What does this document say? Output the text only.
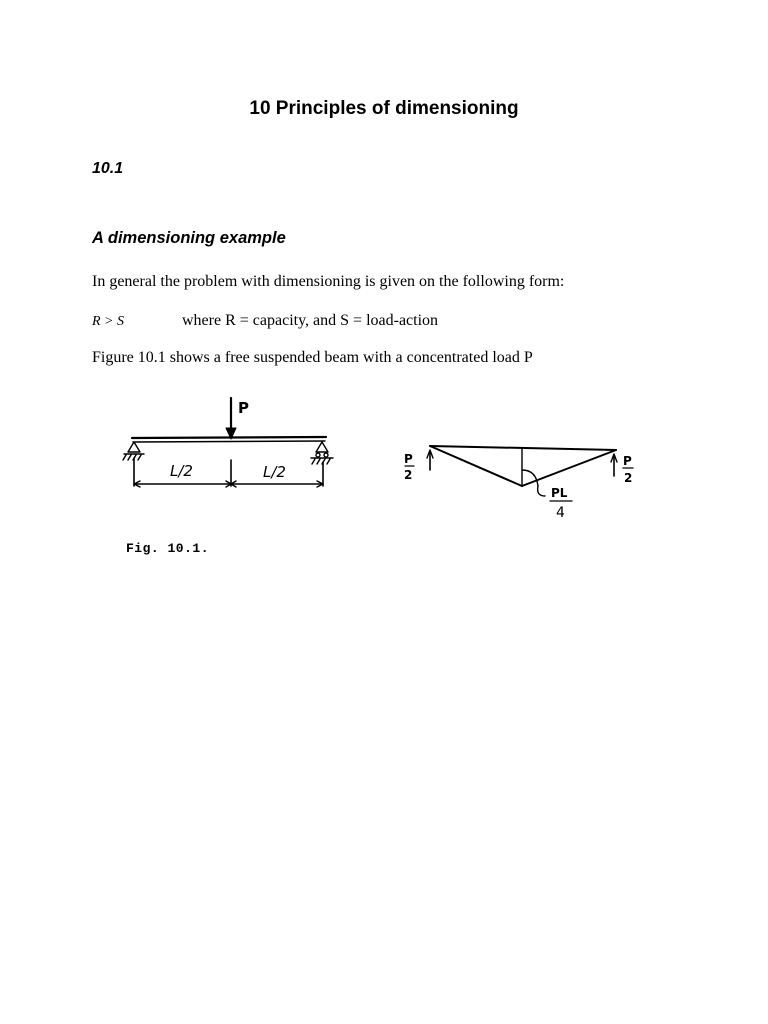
10 Principles of dimensioning
10.1
A dimensioning example
In general the problem with dimensioning is given on the following form:
R > S	where R = capacity, and S = load-action
Figure 10.1 shows a free suspended beam with a concentrated load P
P
L/2	L/2
P
2
P
2
PL
4
Fig. 10.1.
